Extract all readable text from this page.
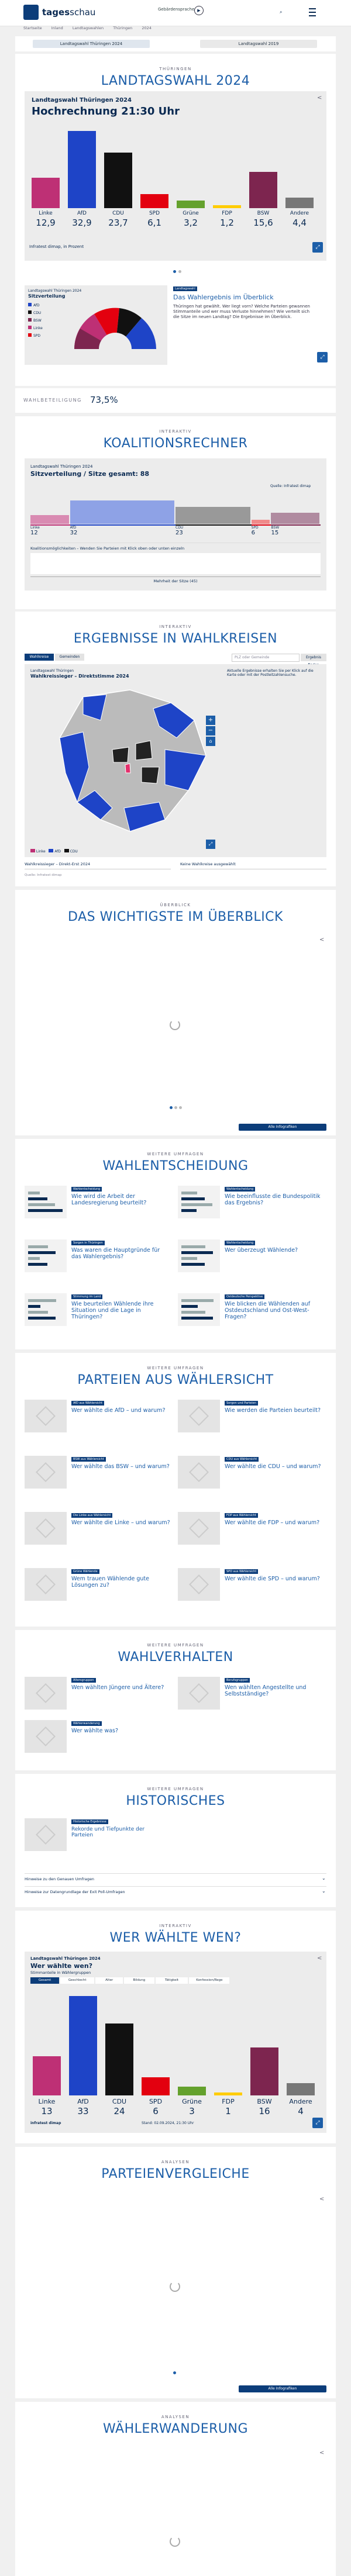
tagesschau	Gebärdensprache ▶	⌕
Startseite Inland Landtagswahlen Thüringen 2024
Landtagswahl Thüringen 2024	Landtagswahl 2019
THÜRINGEN
LANDTAGSWAHL 2024
Landtagswahl Thüringen 2024
Hochrechnung 21:30 Uhr
<
Linke
12,9
AfD
32,9
CDU
23,7
SPD
6,1
Grüne
3,2
FDP
1,2
BSW
15,6
Andere
4,4
Infratest dimap, in Prozent	⤢
Landtagswahl Thüringen 2024
Sitzverteilung
AfD
CDU
BSW
Linke
SPD
Landtagswahl
Das Wahlergebnis im Überblick
Thüringen hat gewählt. Wer liegt vorn? Welche Parteien gewannen Stimmanteile und wer muss Verluste hinnehmen? Wie verteilt sich die Sitze im neuen Landtag? Die Ergebnisse im Überblick.
⤢
WAHLBETEILIGUNG 73,5%
INTERAKTIV
KOALITIONSRECHNER
Landtagswahl Thüringen 2024
Sitzverteilung / Sitze gesamt: 88
Quelle: Infratest dimap
Linke
12
AfD
32
CDU
23
SPD
6
BSW
15
Koalitionsmöglichkeiten – Wenden Sie Parteien mit Klick oben oder unten einzeln
Mehrheit der Sitze (45)
INTERAKTIV
ERGEBNISSE IN WAHLKREISEN
Wahlkreise	Gemeinden	PLZ oder Gemeinde	Ergebnis
Landtagswahl Thüringen
Wahlkreissieger – Direktstimme 2024
Aktuelle Ergebnisse erhalten Sie per Klick auf die Karte oder mit der Postleitzahlensuche.
+
−
⌂
⤢
Linke	AfD	CDU
Wahlkreissieger – Direkt-Erst 2024	Keine Wahlkreise ausgewählt
Quelle: Infratest dimap
ÜBERBLICK
DAS WICHTIGSTE IM ÜBERBLICK
<
Alle Infografiken
WEITERE UMFRAGEN
WAHLENTSCHEIDUNG
Wahlentscheidung
Wie wird die Arbeit der Landesregierung beurteilt?
Wahlentscheidung
Wie beeinflusste die Bundespolitik das Ergebnis?
Sorgen in Thüringen
Was waren die Hauptgründe für das Wahlergebnis?
Wahlentscheidung
Wer überzeugt Wählende?
Stimmung im Land
Wie beurteilen Wählende ihre Situation und die Lage in Thüringen?
Ostdeutsche Perspektive
Wie blicken die Wählenden auf Ostdeutschland und Ost-West-Fragen?
WEITERE UMFRAGEN
PARTEIEN AUS WÄHLERSICHT
AfD aus Wählersicht
Wer wählte die AfD – und warum?
Sorgen und Parteien
Wie werden die Parteien beurteilt?
BSW aus Wählersicht
Wer wählte das BSW – und warum?
CDU aus Wählersicht
Wer wählte die CDU – und warum?
Die Linke aus Wählersicht
Wer wählte die Linke – und warum?
FDP aus Wählersicht
Wer wählte die FDP – und warum?
Grüne Wählende
Wem trauen Wählende gute Lösungen zu?
SPD aus Wählersicht
Wer wählte die SPD – und warum?
WEITERE UMFRAGEN
WAHLVERHALTEN
Altersgruppen
Wen wählten Jüngere und Ältere?
Berufsgruppen
Wen wählten Angestellte und Selbstständige?
Wählerwanderung
Wer wählte was?
WEITERE UMFRAGEN
HISTORISCHES
Historische Ergebnisse
Rekorde und Tiefpunkte der Parteien
Hinweise zu den Genauen Umfragen	⌄
Hinweise zur Datengrundlage der Exit Poll-Umfragen	⌄
INTERAKTIV
WER WÄHLTE WEN?
Landtagswahl Thüringen 2024
Wer wählte wen?
Stimmanteile in Wählergruppen
<
Gesamt	Geschlecht	Alter	Bildung	Tätigkeit	Konfession/Rege
Linke
13
AfD
33
CDU
24
SPD
6
Grüne
3
FDP
1
BSW
16
Andere
4
infratest dimap	Stand: 02.09.2024, 21:30 Uhr	⤢
ANALYSEN
PARTEIENVERGLEICHE
<
Alle Infografiken
ANALYSEN
WÄHLERWANDERUNG
<
